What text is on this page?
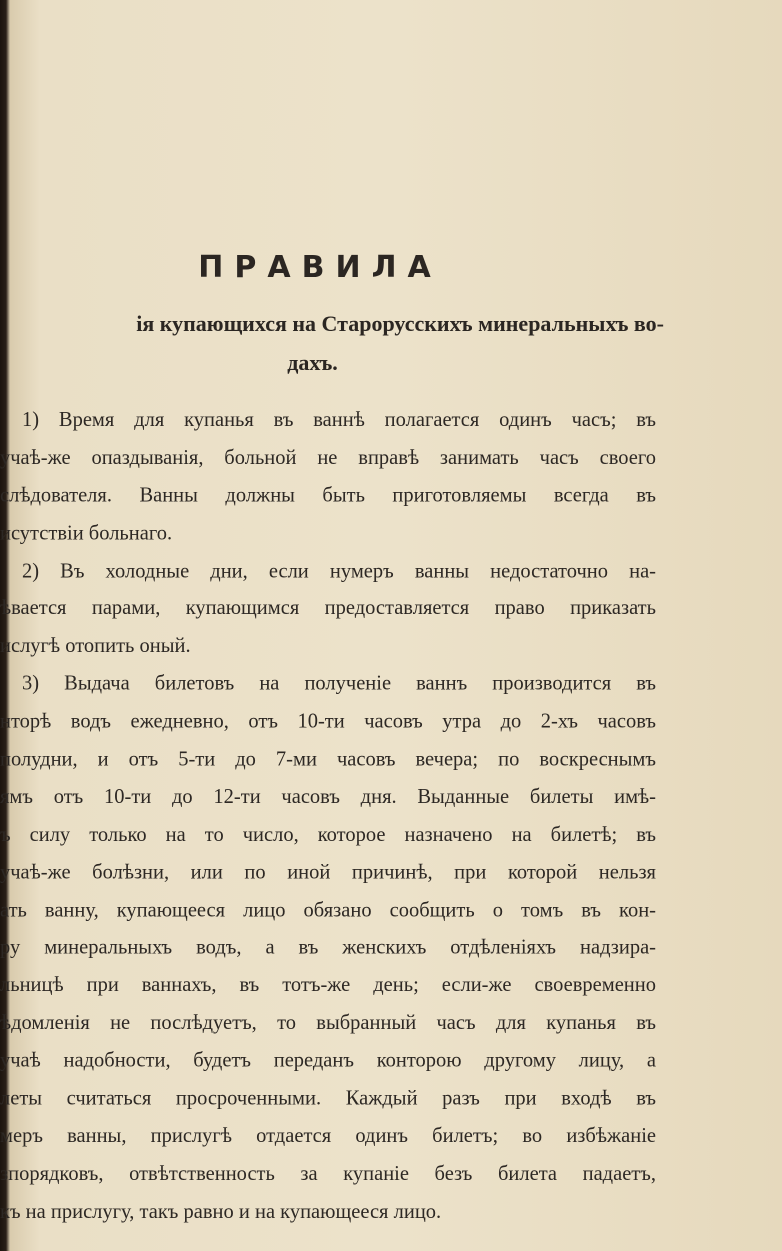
ПРАВИЛА
ія купающихся на Старорусскихъ минеральныхъ во-
дахъ.
1) Время для купанья въ ваннѣ полагается одинъ часъ; въ
учаѣ-же опаздыванія, больной не вправѣ занимать часъ своего
слѣдователя. Ванны должны быть приготовляемы всегда въ
исутствіи больнаго.
2) Въ холодные дни, если нумеръ ванны недостаточно на-
ѣвается парами, купающимся предоставляется право приказать
ислугѣ отопить оный.
3) Выдача билетовъ на полученіе ваннъ производится въ
нторѣ водъ ежедневно, отъ 10-ти часовъ утра до 2-хъ часовъ
полудни, и отъ 5-ти до 7-ми часовъ вечера; по воскреснымъ
ямъ отъ 10-ти до 12-ти часовъ дня. Выданные билеты имѣ-
ъ силу только на то число, которое назначено на билетѣ; въ
учаѣ-же болѣзни, или по иной причинѣ, при которой нельзя
ать ванну, купающееся лицо обязано сообщить о томъ въ кон-
ру минеральныхъ водъ, а въ женскихъ отдѣленіяхъ надзира-
льницѣ при ваннахъ, въ тотъ-же день; если-же своевременно
ѣдомленія не послѣдуетъ, то выбранный часъ для купанья въ
учаѣ надобности, будетъ переданъ конторою другому лицу, а
леты считаться просроченными. Каждый разъ при входѣ въ
меръ ванны, прислугѣ отдается одинъ билетъ; во избѣжаніе
зпорядковъ, отвѣтственность за купаніе безъ билета падаетъ,
къ на прислугу, такъ равно и на купающееся лицо.
